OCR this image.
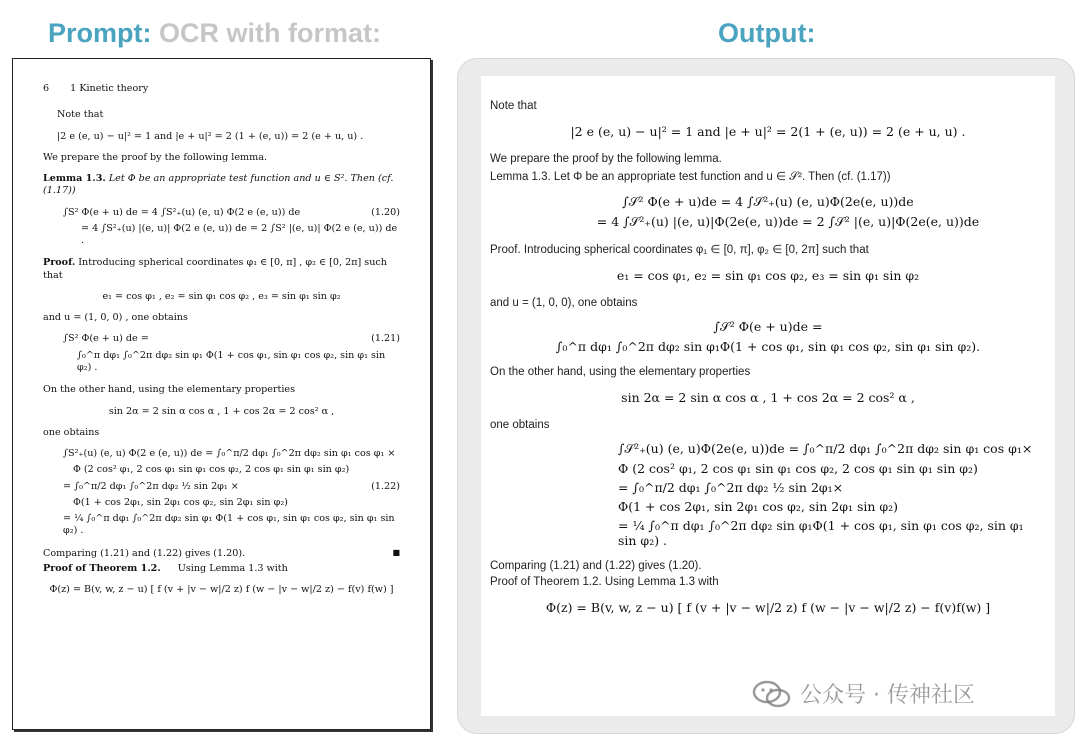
Prompt: OCR with format:	Output:
6 1 Kinetic theory
Note that
|2 e (e, u) − u|² = 1 and |e + u|² = 2 (1 + (e, u)) = 2 (e + u, u) .
We prepare the proof by the following lemma.
Lemma 1.3. Let Φ be an appropriate test function and u ∈ S². Then (cf. (1.17))
∫S² Φ(e + u) de = 4 ∫S²₊(u) (e, u) Φ(2 e (e, u)) de	(1.20)
= 4 ∫S²₊(u) |(e, u)| Φ(2 e (e, u)) de = 2 ∫S² |(e, u)| Φ(2 e (e, u)) de .
Proof. Introducing spherical coordinates φ₁ ∈ [0, π] , φ₂ ∈ [0, 2π] such that
e₁ = cos φ₁ , e₂ = sin φ₁ cos φ₂ , e₃ = sin φ₁ sin φ₂
and u = (1, 0, 0) , one obtains
∫S² Φ(e + u) de =	(1.21)
∫₀^π dφ₁ ∫₀^2π dφ₂ sin φ₁ Φ(1 + cos φ₁, sin φ₁ cos φ₂, sin φ₁ sin φ₂) .
On the other hand, using the elementary properties
sin 2α = 2 sin α cos α , 1 + cos 2α = 2 cos² α ,
one obtains
∫S²₊(u) (e, u) Φ(2 e (e, u)) de = ∫₀^π/2 dφ₁ ∫₀^2π dφ₂ sin φ₁ cos φ₁ ×
Φ (2 cos² φ₁, 2 cos φ₁ sin φ₁ cos φ₂, 2 cos φ₁ sin φ₁ sin φ₂)
= ∫₀^π/2 dφ₁ ∫₀^2π dφ₂ ½ sin 2φ₁ ×	(1.22)
Φ(1 + cos 2φ₁, sin 2φ₁ cos φ₂, sin 2φ₁ sin φ₂)
= ¼ ∫₀^π dφ₁ ∫₀^2π dφ₂ sin φ₁ Φ(1 + cos φ₁, sin φ₁ cos φ₂, sin φ₁ sin φ₂) .
Comparing (1.21) and (1.22) gives (1.20).	■
Proof of Theorem 1.2. Using Lemma 1.3 with
Φ(z) = B(v, w, z − u) [ f (v + |v − w|/2 z) f (w − |v − w|/2 z) − f(v) f(w) ]
Note that
|2 e (e, u) − u|² = 1 and |e + u|² = 2(1 + (e, u)) = 2 (e + u, u) .
We prepare the proof by the following lemma.
Lemma 1.3. Let Φ be an appropriate test function and u ∈ 𝒮². Then (cf. (1.17))
∫𝒮² Φ(e + u)de = 4 ∫𝒮²₊(u) (e, u)Φ(2e(e, u))de
= 4 ∫𝒮²₊(u) |(e, u)|Φ(2e(e, u))de = 2 ∫𝒮² |(e, u)|Φ(2e(e, u))de
Proof. Introducing spherical coordinates φ₁ ∈ [0, π], φ₂ ∈ [0, 2π] such that
e₁ = cos φ₁, e₂ = sin φ₁ cos φ₂, e₃ = sin φ₁ sin φ₂
and u = (1, 0, 0), one obtains
∫𝒮² Φ(e + u)de =
∫₀^π dφ₁ ∫₀^2π dφ₂ sin φ₁Φ(1 + cos φ₁, sin φ₁ cos φ₂, sin φ₁ sin φ₂).
On the other hand, using the elementary properties
sin 2α = 2 sin α cos α , 1 + cos 2α = 2 cos² α ,
one obtains
∫𝒮²₊(u) (e, u)Φ(2e(e, u))de = ∫₀^π/2 dφ₁ ∫₀^2π dφ₂ sin φ₁ cos φ₁×
Φ (2 cos² φ₁, 2 cos φ₁ sin φ₁ cos φ₂, 2 cos φ₁ sin φ₁ sin φ₂)
= ∫₀^π/2 dφ₁ ∫₀^2π dφ₂ ½ sin 2φ₁×
Φ(1 + cos 2φ₁, sin 2φ₁ cos φ₂, sin 2φ₁ sin φ₂)
= ¼ ∫₀^π dφ₁ ∫₀^2π dφ₂ sin φ₁Φ(1 + cos φ₁, sin φ₁ cos φ₂, sin φ₁ sin φ₂) .
Comparing (1.21) and (1.22) gives (1.20).
Proof of Theorem 1.2. Using Lemma 1.3 with
Φ(z) = B(v, w, z − u) [ f (v + |v − w|/2 z) f (w − |v − w|/2 z) − f(v)f(w) ]
公众号 · 传神社区
